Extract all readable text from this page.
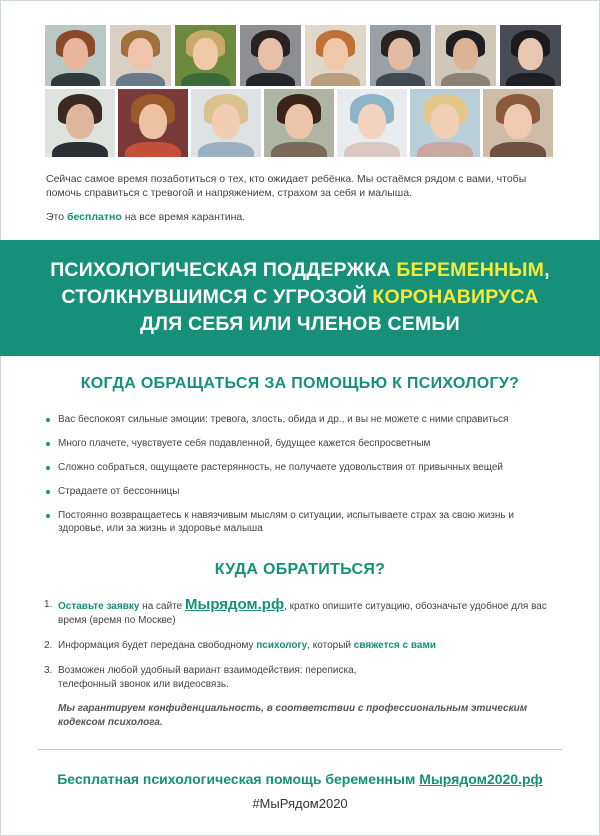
Сейчас самое время позаботиться о тех, кто ожидает ребёнка. Мы остаёмся рядом с вами, чтобы помочь справиться с тревогой и напряжением, страхом за себя и малыша.

Это бесплатно на все время карантина.

ПСИХОЛОГИЧЕСКАЯ ПОДДЕРЖКА БЕРЕМЕННЫМ,
СТОЛКНУВШИМСЯ С УГРОЗОЙ КОРОНАВИРУСА
ДЛЯ СЕБЯ ИЛИ ЧЛЕНОВ СЕМЬИ
КОГДА ОБРАЩАТЬСЯ ЗА ПОМОЩЬЮ К ПСИХОЛОГУ?
Вас беспокоят сильные эмоции: тревога, злость, обида и др., и вы не можете с ними справиться
Много плачете, чувствуете себя подавленной, будущее кажется беспросветным
Сложно собраться, ощущаете растерянность, не получаете удовольствия от привычных вещей
Страдаете от бессонницы
Постоянно возвращаетесь к навязчивым мыслям о ситуации, испытываете страх за свою жизнь и здоровье, или за жизнь и здоровье малыша
КУДА ОБРАТИТЬСЯ?
1. Оставьте заявку на сайте Мырядом.рф, кратко опишите ситуацию, обозначьте удобное для вас время (время по Москве)
2. Информация будет передана свободному психологу, который свяжется с вами
3. Возможен любой удобный вариант взаимодействия: переписка, телефонный звонок или видеосвязь.
Мы гарантируем конфиденциальность, в соответствии с профессиональным этическим кодексом психолога.
Бесплатная психологическая помощь беременным Мырядом2020.рф
#МыРядом2020
